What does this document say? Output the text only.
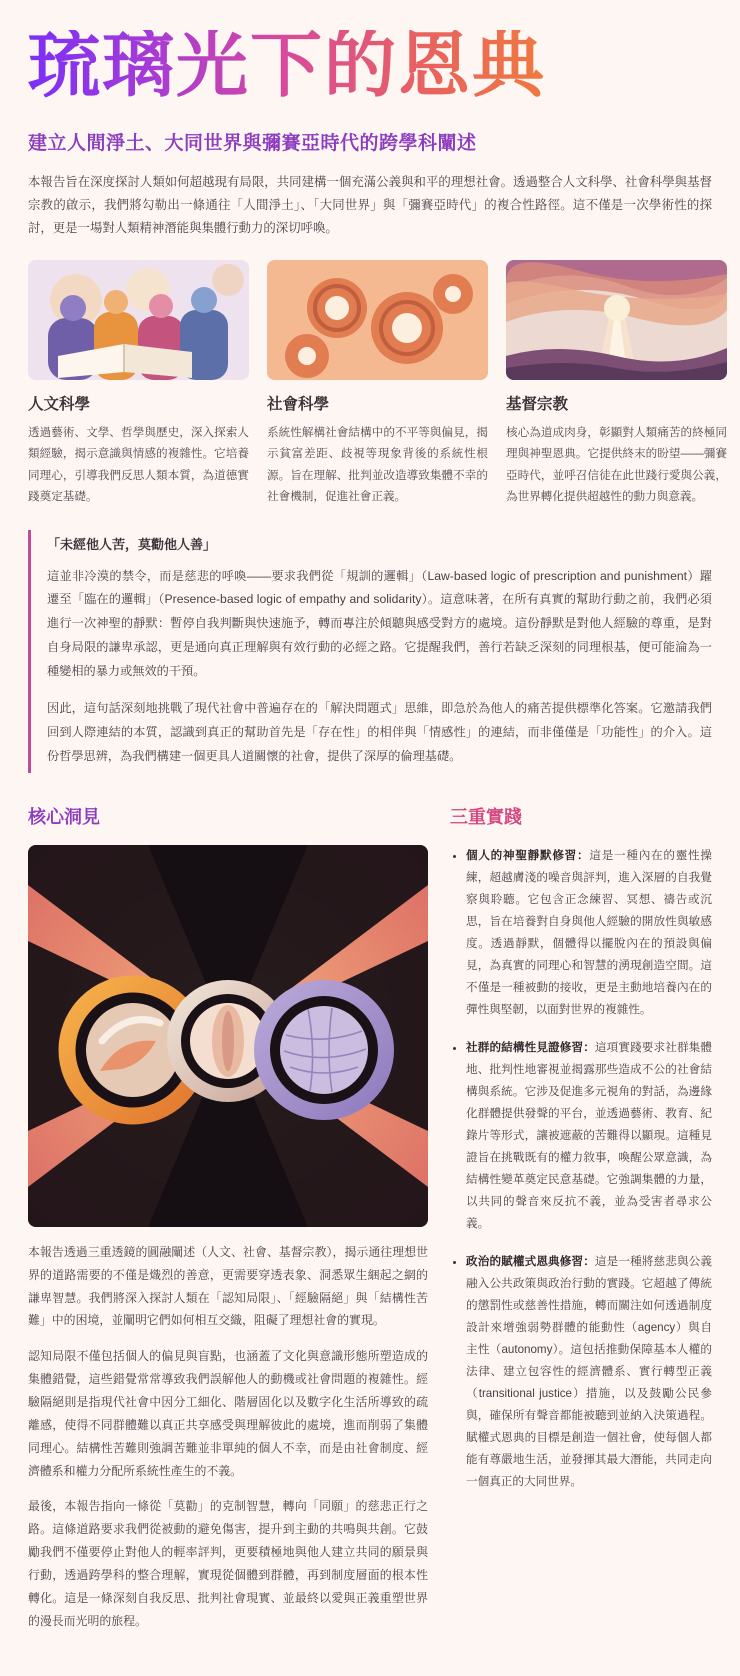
琉璃光下的恩典
建立人間淨土、大同世界與彌賽亞時代的跨學科闡述

本報告旨在深度探討人類如何超越現有局限，共同建構一個充滿公義與和平的理想社會。透過整合人文科學、社會科學與基督宗教的啟示，我們將勾勒出一條通往「人間淨土」、「大同世界」與「彌賽亞時代」的複合性路徑。這不僅是一次學術性的探討，更是一場對人類精神潛能與集體行動力的深切呼喚。

人文科學
透過藝術、文學、哲學與歷史，深入探索人類經驗，揭示意識與情感的複雜性。它培養同理心，引導我們反思人類本質，為道德實踐奠定基礎。
社會科學
系統性解構社會結構中的不平等與偏見，揭示貧富差距、歧視等現象背後的系統性根源。旨在理解、批判並改造導致集體不幸的社會機制，促進社會正義。
基督宗教
核心為道成肉身，彰顯對人類痛苦的終極同理與神聖恩典。它提供終末的盼望——彌賽亞時代，並呼召信徒在此世踐行愛與公義，為世界轉化提供超越性的動力與意義。
「未經他人苦，莫勸他人善」

這並非冷漠的禁令，而是慈悲的呼喚——要求我們從「規訓的邏輯」（Law-based logic of prescription and punishment）躍遷至「臨在的邏輯」（Presence-based logic of empathy and solidarity）。這意味著，在所有真實的幫助行動之前，我們必須進行一次神聖的靜默：暫停自我判斷與快速施予，轉而專注於傾聽與感受對方的處境。這份靜默是對他人經驗的尊重，是對自身局限的謙卑承認，更是通向真正理解與有效行動的必經之路。它提醒我們，善行若缺乏深刻的同理根基，便可能淪為一種變相的暴力或無效的干預。

因此，這句話深刻地挑戰了現代社會中普遍存在的「解決問題式」思維，即急於為他人的痛苦提供標準化答案。它邀請我們回到人際連結的本質，認識到真正的幫助首先是「存在性」的相伴與「情感性」的連結，而非僅僅是「功能性」的介入。這份哲學思辨，為我們構建一個更具人道關懷的社會，提供了深厚的倫理基礎。

核心洞見

本報告透過三重透鏡的圓融闡述（人文、社會、基督宗教），揭示通往理想世界的道路需要的不僅是熾烈的善意，更需要穿透表象、洞悉眾生綑起之網的謙卑智慧。我們將深入探討人類在「認知局限」、「經驗隔絕」與「結構性苦難」中的困境，並闡明它們如何相互交織，阻礙了理想社會的實現。

認知局限不僅包括個人的偏見與盲點，也涵蓋了文化與意識形態所塑造成的集體錯覺，這些錯覺常常導致我們誤解他人的動機或社會問題的複雜性。經驗隔絕則是指現代社會中因分工細化、階層固化以及數字化生活所導致的疏離感，使得不同群體難以真正共享感受與理解彼此的處境，進而削弱了集體同理心。結構性苦難則強調苦難並非單純的個人不幸，而是由社會制度、經濟體系和權力分配所系統性產生的不義。

最後，本報告指向一條從「莫勸」的克制智慧，轉向「同願」的慈悲正行之路。這條道路要求我們從被動的避免傷害，提升到主動的共鳴與共創。它鼓勵我們不僅要停止對他人的輕率評判，更要積極地與他人建立共同的願景與行動，透過跨學科的整合理解，實現從個體到群體，再到制度層面的根本性轉化。這是一條深刻自我反思、批判社會現實、並最終以愛與正義重塑世界的漫長而光明的旅程。

三重實踐
• 個人的神聖靜默修習：這是一種內在的靈性操練，超越膚淺的噪音與評判，進入深層的自我覺察與聆聽。它包含正念練習、冥想、禱告或沉思，旨在培養對自身與他人經驗的開放性與敏感度。透過靜默，個體得以擺脫內在的預設與偏見，為真實的同理心和智慧的湧現創造空間。這不僅是一種被動的接收，更是主動地培養內在的彈性與堅韌，以面對世界的複雜性。
• 社群的結構性見證修習：這項實踐要求社群集體地、批判性地審視並揭露那些造成不公的社會結構與系統。它涉及促進多元視角的對話，為邊緣化群體提供發聲的平台，並透過藝術、教育、紀錄片等形式，讓被遮蔽的苦難得以顯現。這種見證旨在挑戰既有的權力敘事，喚醒公眾意識，為結構性變革奠定民意基礎。它強調集體的力量，以共同的聲音來反抗不義，並為受害者尋求公義。
• 政治的賦權式恩典修習：這是一種將慈悲與公義融入公共政策與政治行動的實踐。它超越了傳統的懲罰性或慈善性措施，轉而關注如何透過制度設計來增強弱勢群體的能動性（agency）與自主性（autonomy）。這包括推動保障基本人權的法律、建立包容性的經濟體系、實行轉型正義（transitional justice）措施，以及鼓勵公民參與，確保所有聲音都能被聽到並納入決策過程。賦權式恩典的目標是創造一個社會，使每個人都能有尊嚴地生活，並發揮其最大潛能，共同走向一個真正的大同世界。
